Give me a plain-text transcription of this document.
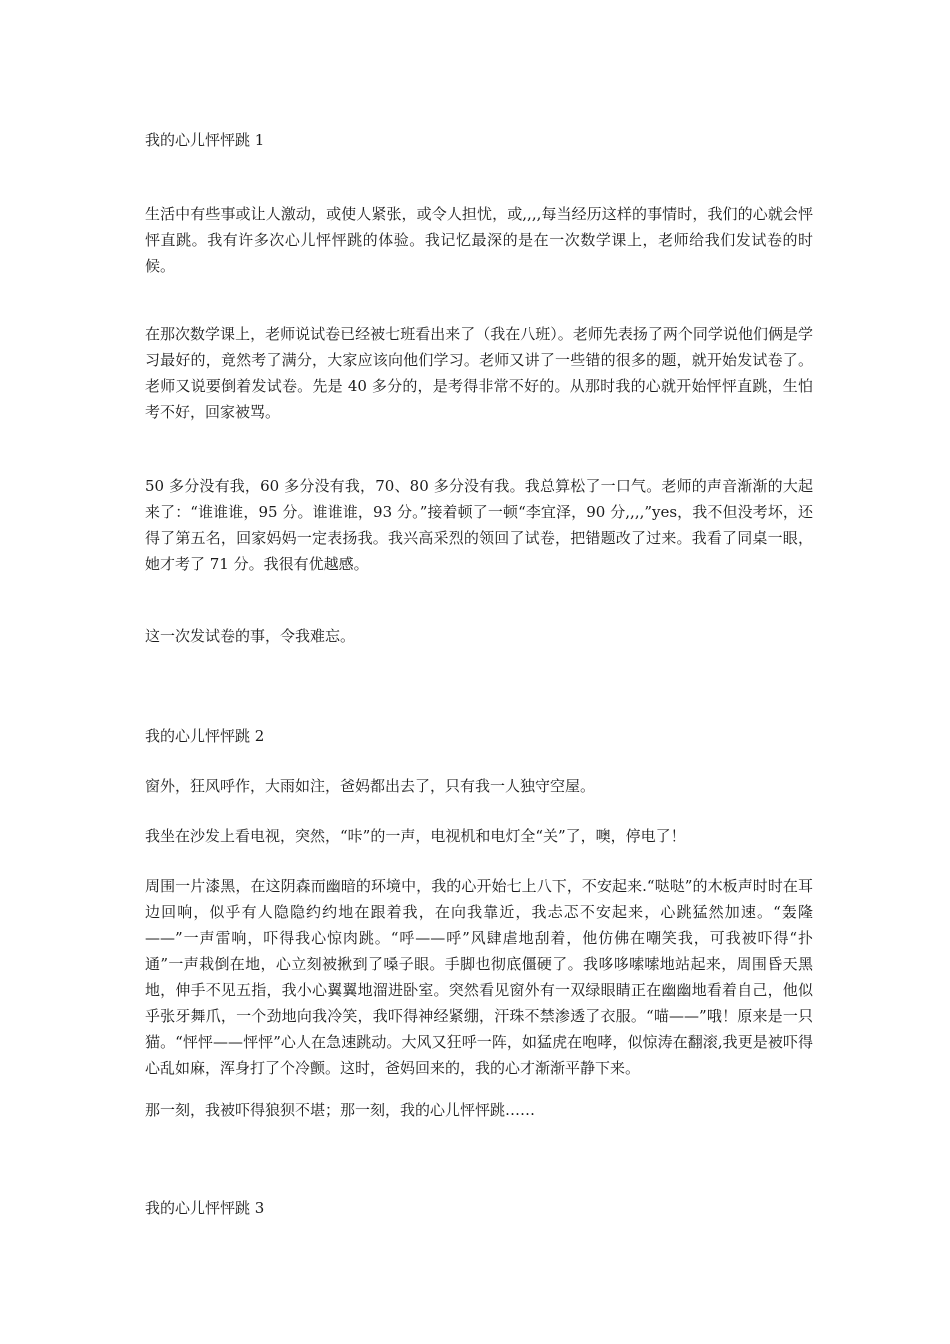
我的心儿怦怦跳 1

生活中有些事或让人激动，或使人紧张，或令人担忧，或,,,,每当经历这样的事情时，我们的心就会怦怦直跳。我有许多次心儿怦怦跳的体验。我记忆最深的是在一次数学课上，老师给我们发试卷的时候。

在那次数学课上，老师说试卷已经被七班看出来了（我在八班）。老师先表扬了两个同学说他们俩是学习最好的，竟然考了满分，大家应该向他们学习。老师又讲了一些错的很多的题，就开始发试卷了。老师又说要倒着发试卷。先是 40 多分的，是考得非常不好的。从那时我的心就开始怦怦直跳，生怕考不好，回家被骂。

50 多分没有我，60 多分没有我，70、80 多分没有我。我总算松了一口气。老师的声音渐渐的大起来了：“谁谁谁，95 分。谁谁谁，93 分。”接着顿了一顿“李宜泽，90 分,,,,”yes，我不但没考坏，还得了第五名，回家妈妈一定表扬我。我兴高采烈的领回了试卷，把错题改了过来。我看了同桌一眼，她才考了 71 分。我很有优越感。

这一次发试卷的事，令我难忘。

我的心儿怦怦跳 2

窗外，狂风呼作，大雨如注，爸妈都出去了，只有我一人独守空屋。

我坐在沙发上看电视，突然，“咔”的一声，电视机和电灯全“关”了，噢，停电了！

周围一片漆黑，在这阴森而幽暗的环境中，我的心开始七上八下，不安起来.“哒哒”的木板声时时在耳边回响，似乎有人隐隐约约地在跟着我，在向我靠近，我忐忑不安起来，心跳猛然加速。“轰隆——”一声雷响，吓得我心惊肉跳。“呼——呼”风肆虐地刮着，他仿佛在嘲笑我，可我被吓得“扑通”一声栽倒在地，心立刻被揪到了嗓子眼。手脚也彻底僵硬了。我哆哆嗦嗦地站起来，周围昏天黑地，伸手不见五指，我小心翼翼地溜进卧室。突然看见窗外有一双绿眼睛正在幽幽地看着自己，他似乎张牙舞爪，一个劲地向我冷笑，我吓得神经紧绷，汗珠不禁渗透了衣服。“喵——”哦！原来是一只猫。“怦怦——怦怦”心人在急速跳动。大风又狂呼一阵，如猛虎在咆哮，似惊涛在翻滚,我更是被吓得心乱如麻，浑身打了个冷颤。这时，爸妈回来的，我的心才渐渐平静下来。

那一刻，我被吓得狼狈不堪；那一刻，我的心儿怦怦跳……

我的心儿怦怦跳 3
